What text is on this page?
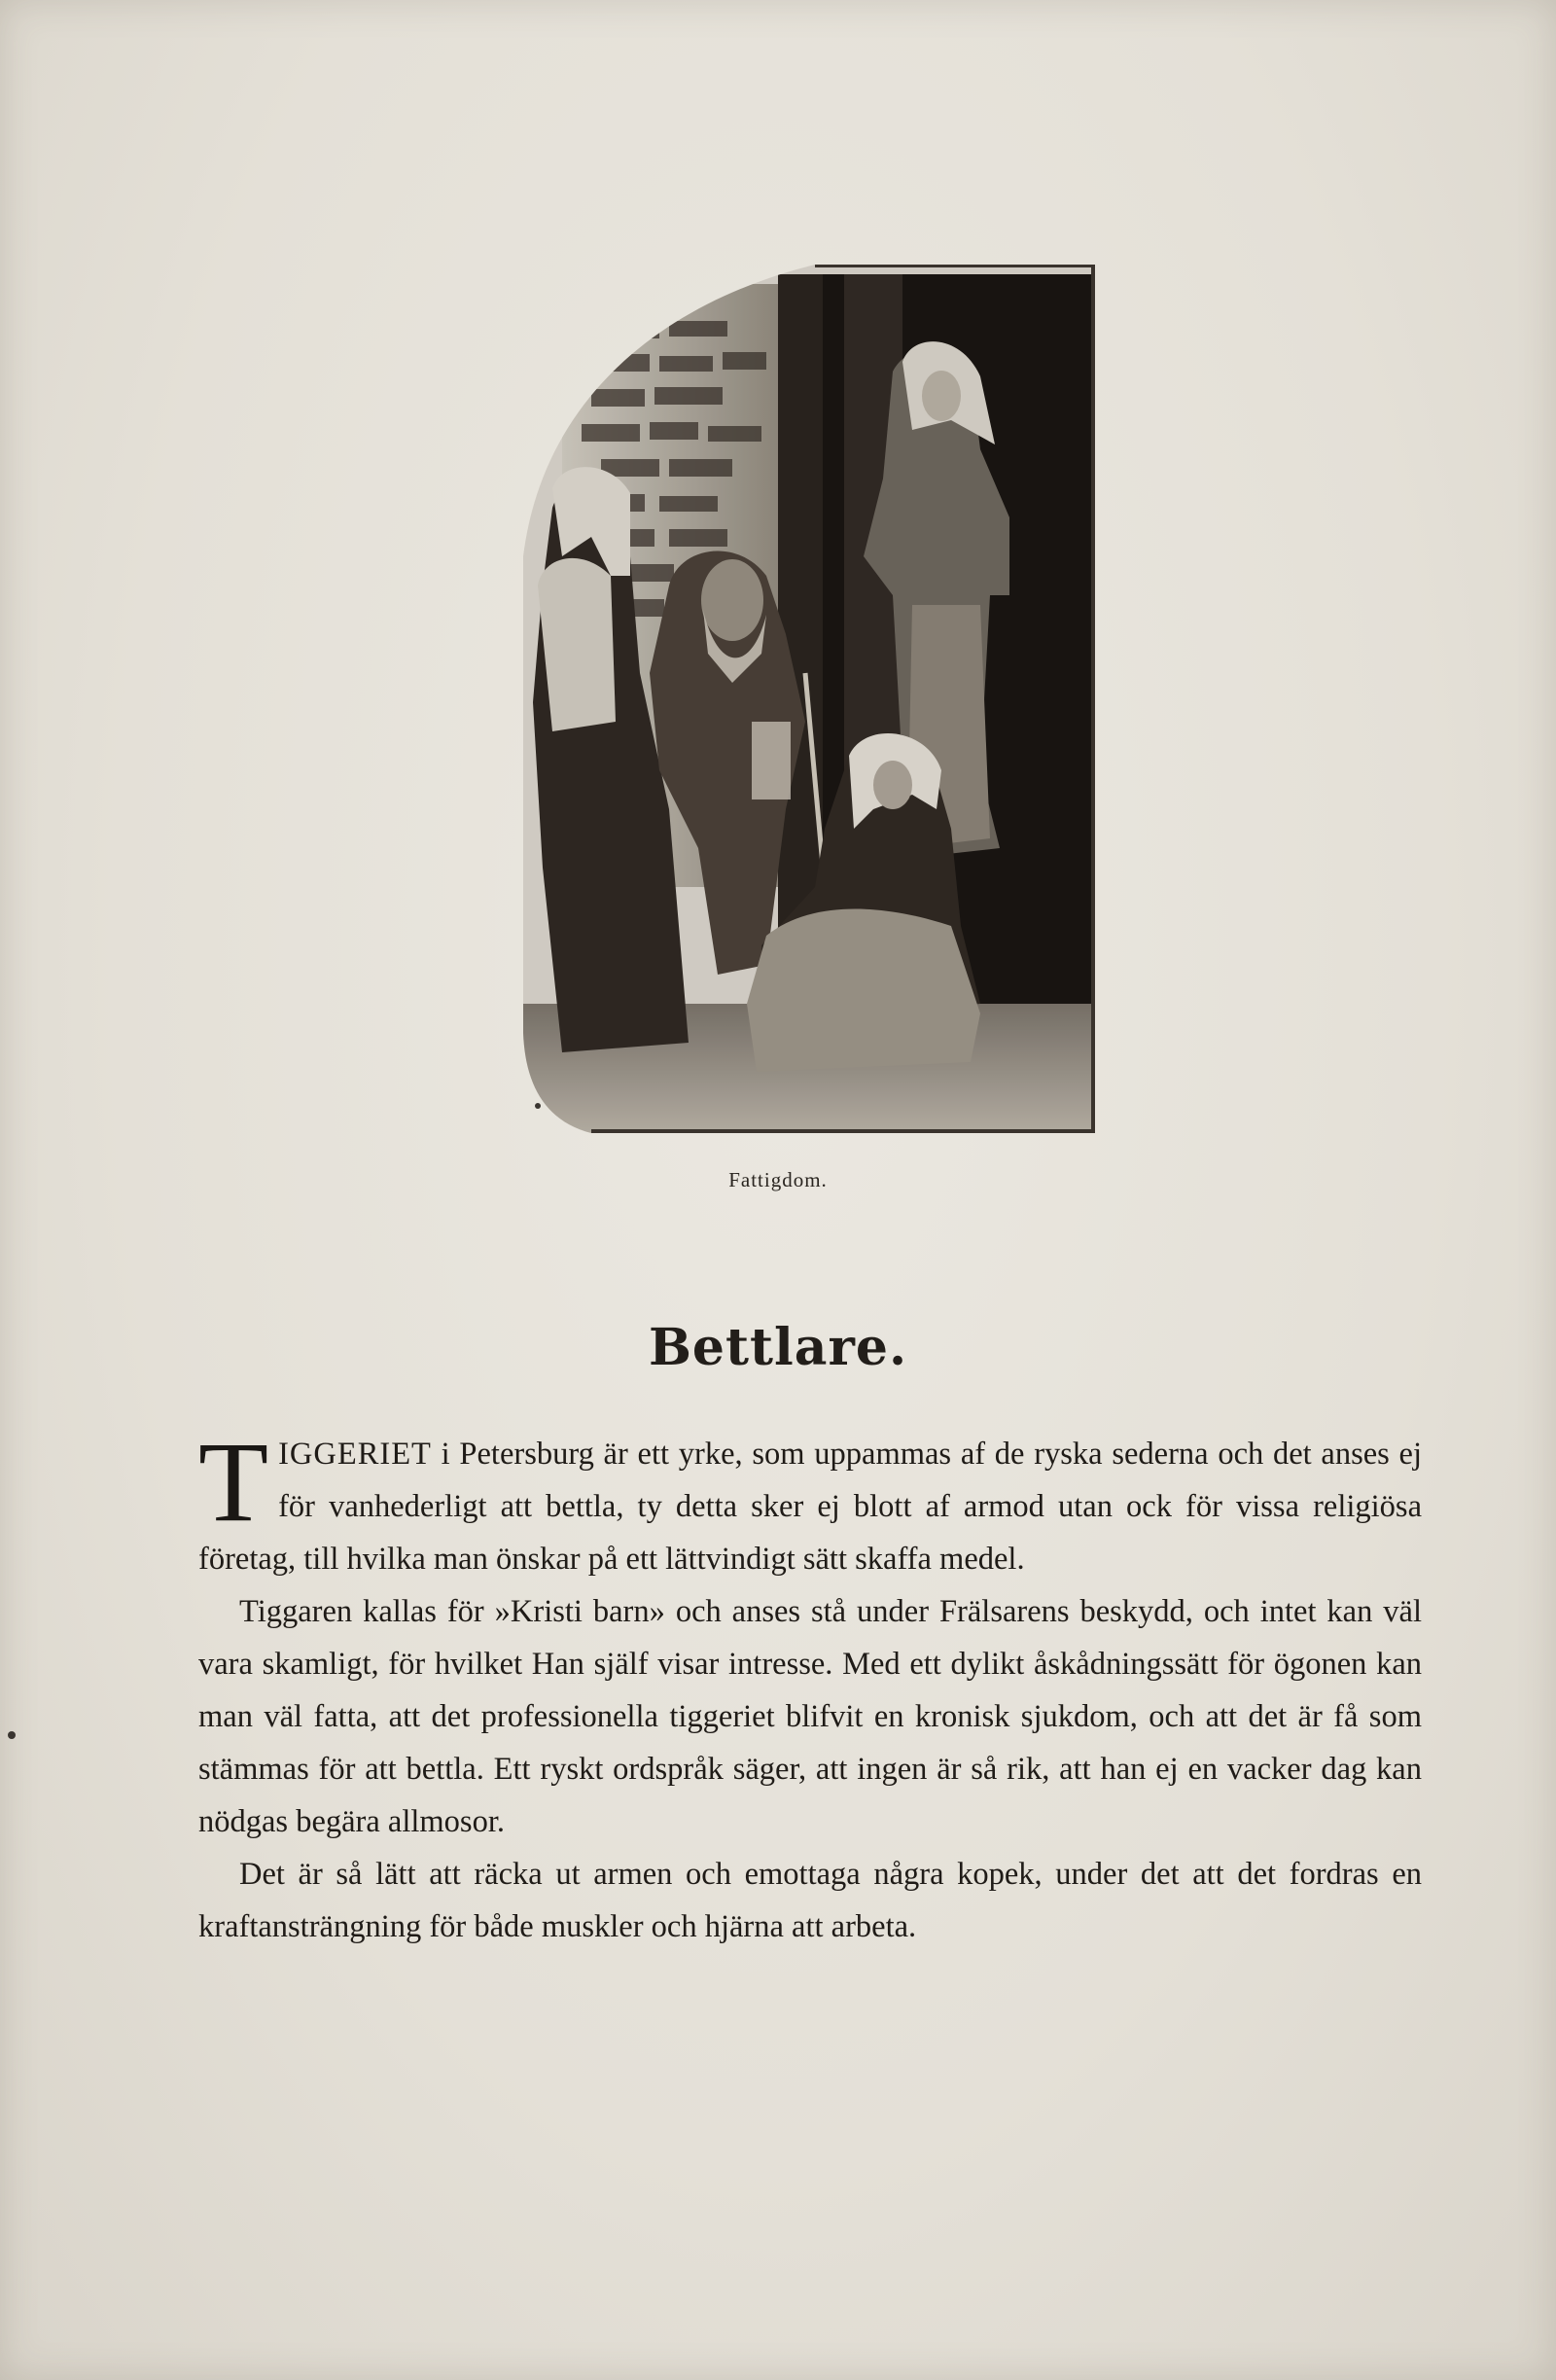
Fattigdom.
Bettlare.

TIGGERIET i Petersburg är ett yrke, som uppammas af de ryska sederna och det anses ej för vanhederligt att bettla, ty detta sker ej blott af armod utan ock för vissa religiösa företag, till hvilka man önskar på ett lättvindigt sätt skaffa medel.

Tiggaren kallas för »Kristi barn» och anses stå under Frälsarens beskydd, och intet kan väl vara skamligt, för hvilket Han själf visar intresse. Med ett dylikt åskådningssätt för ögonen kan man väl fatta, att det professionella tiggeriet blifvit en kronisk sjukdom, och att det är få som stämmas för att bettla. Ett ryskt ordspråk säger, att ingen är så rik, att han ej en vacker dag kan nödgas begära allmosor.

Det är så lätt att räcka ut armen och emottaga några kopek, under det att det fordras en kraftansträngning för både muskler och hjärna att arbeta.
